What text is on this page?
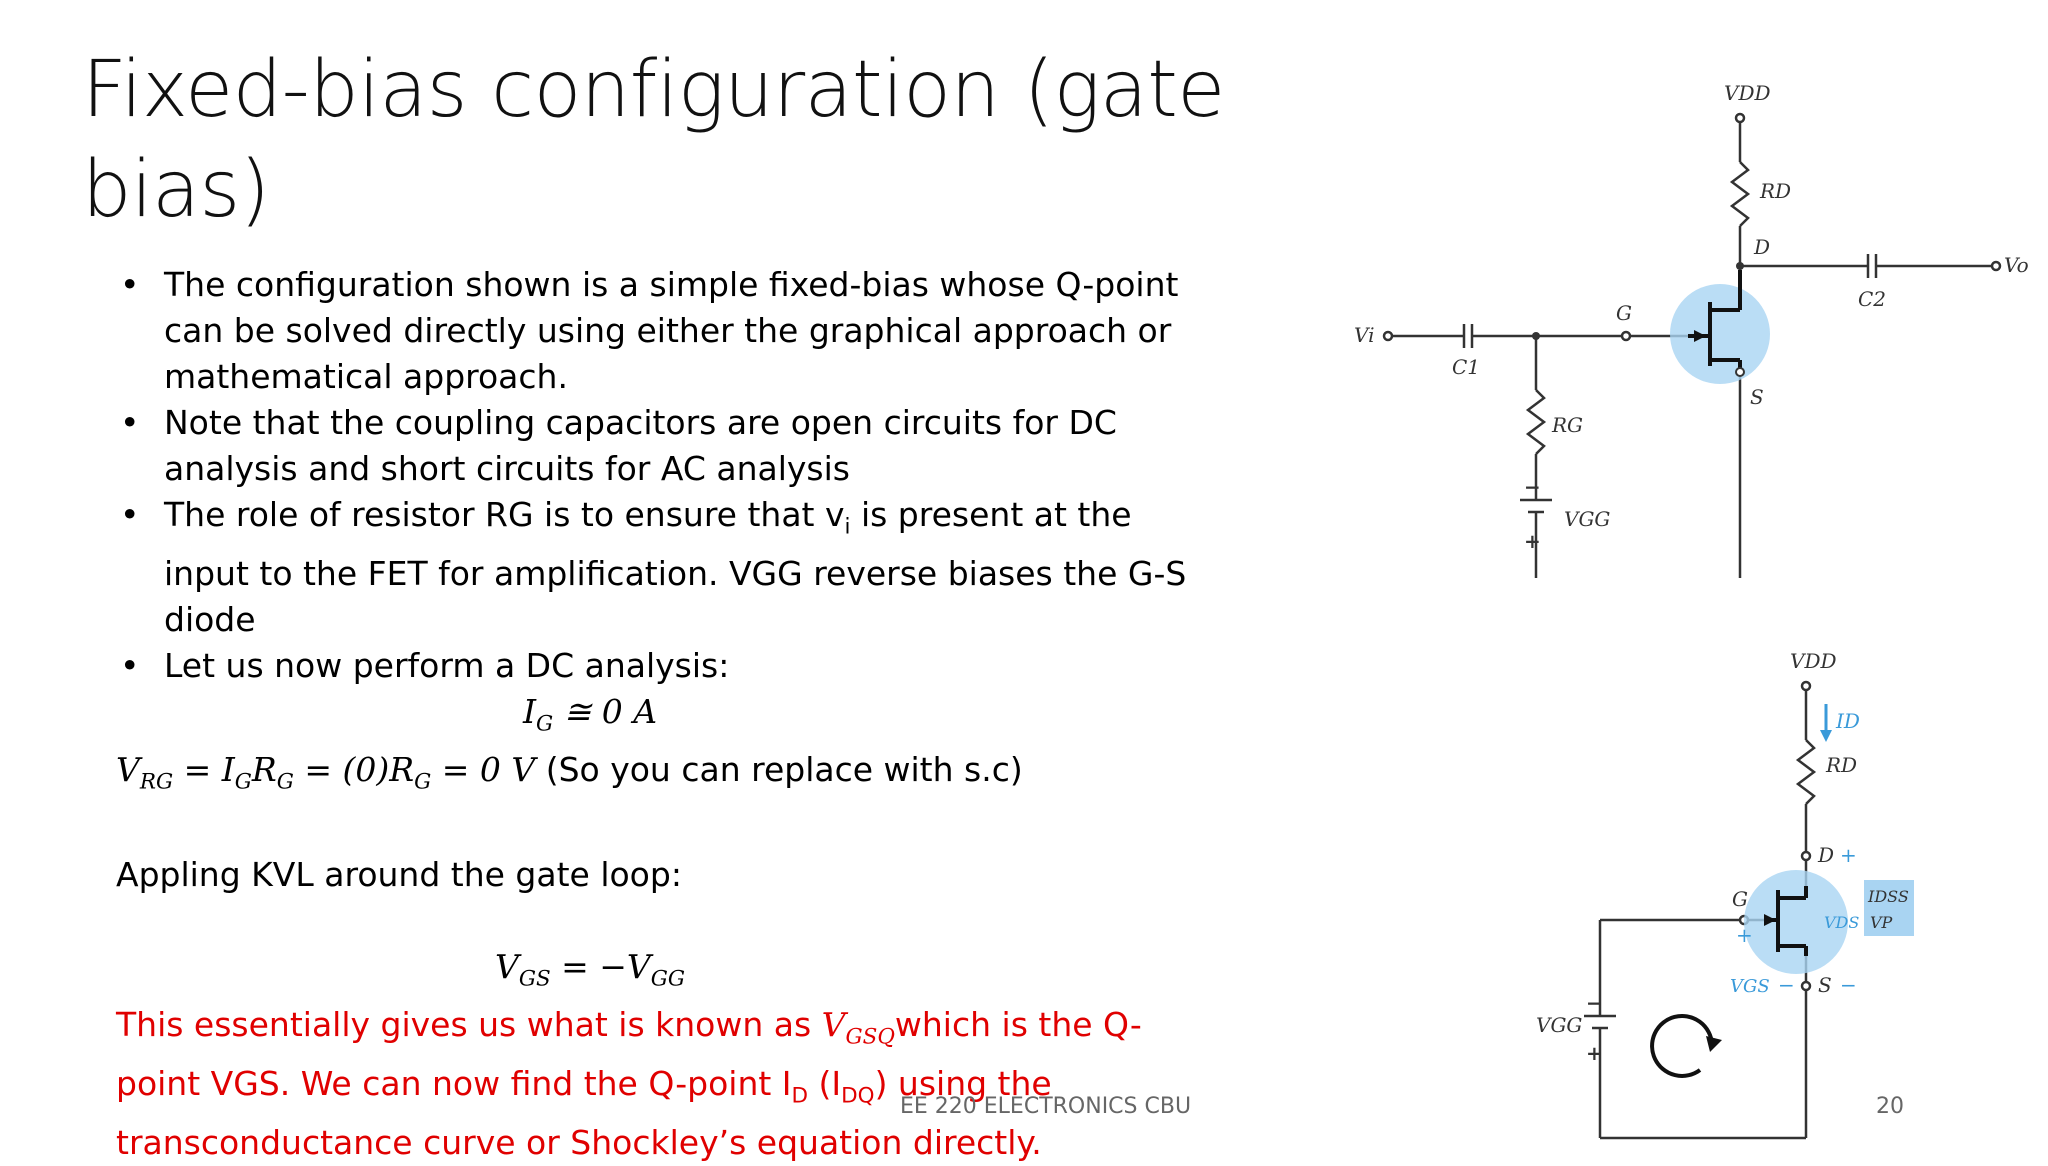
Fixed-bias configuration (gate bias)
• The configuration shown is a simple fixed-bias whose Q-point can be solved directly using either the graphical approach or mathematical approach.
• Note that the coupling capacitors are open circuits for DC analysis and short circuits for AC analysis
• The role of resistor RG is to ensure that $v_i$ is present at the input to the FET for amplification. VGG reverse biases the G-S diode
• Let us now perform a DC analysis:
$I_G$ ≅ 0 A
$V_{RG} = I_GR_G = (0)R_G = 0$ V (So you can replace with s.c)
Appling KVL around the gate loop:
$V_{GS} = -V_{GG}$
This essentially gives us what is known as $V_{GSQ}which$ is the Q-point VGS. We can now find the Q-point $I_D$ $(I_{DQ})$ using the transconductance curve or Shockley’s equation directly.
VDD
RD
D
G
S
Vi
C1
C2
Vo
RG
VGG
−
+
VDD
ID
RD
D +
G
+
VDS
IDSS
VP
VGS − S −
VGG
−
+
EE 220 ELECTRONICS CBU	20
